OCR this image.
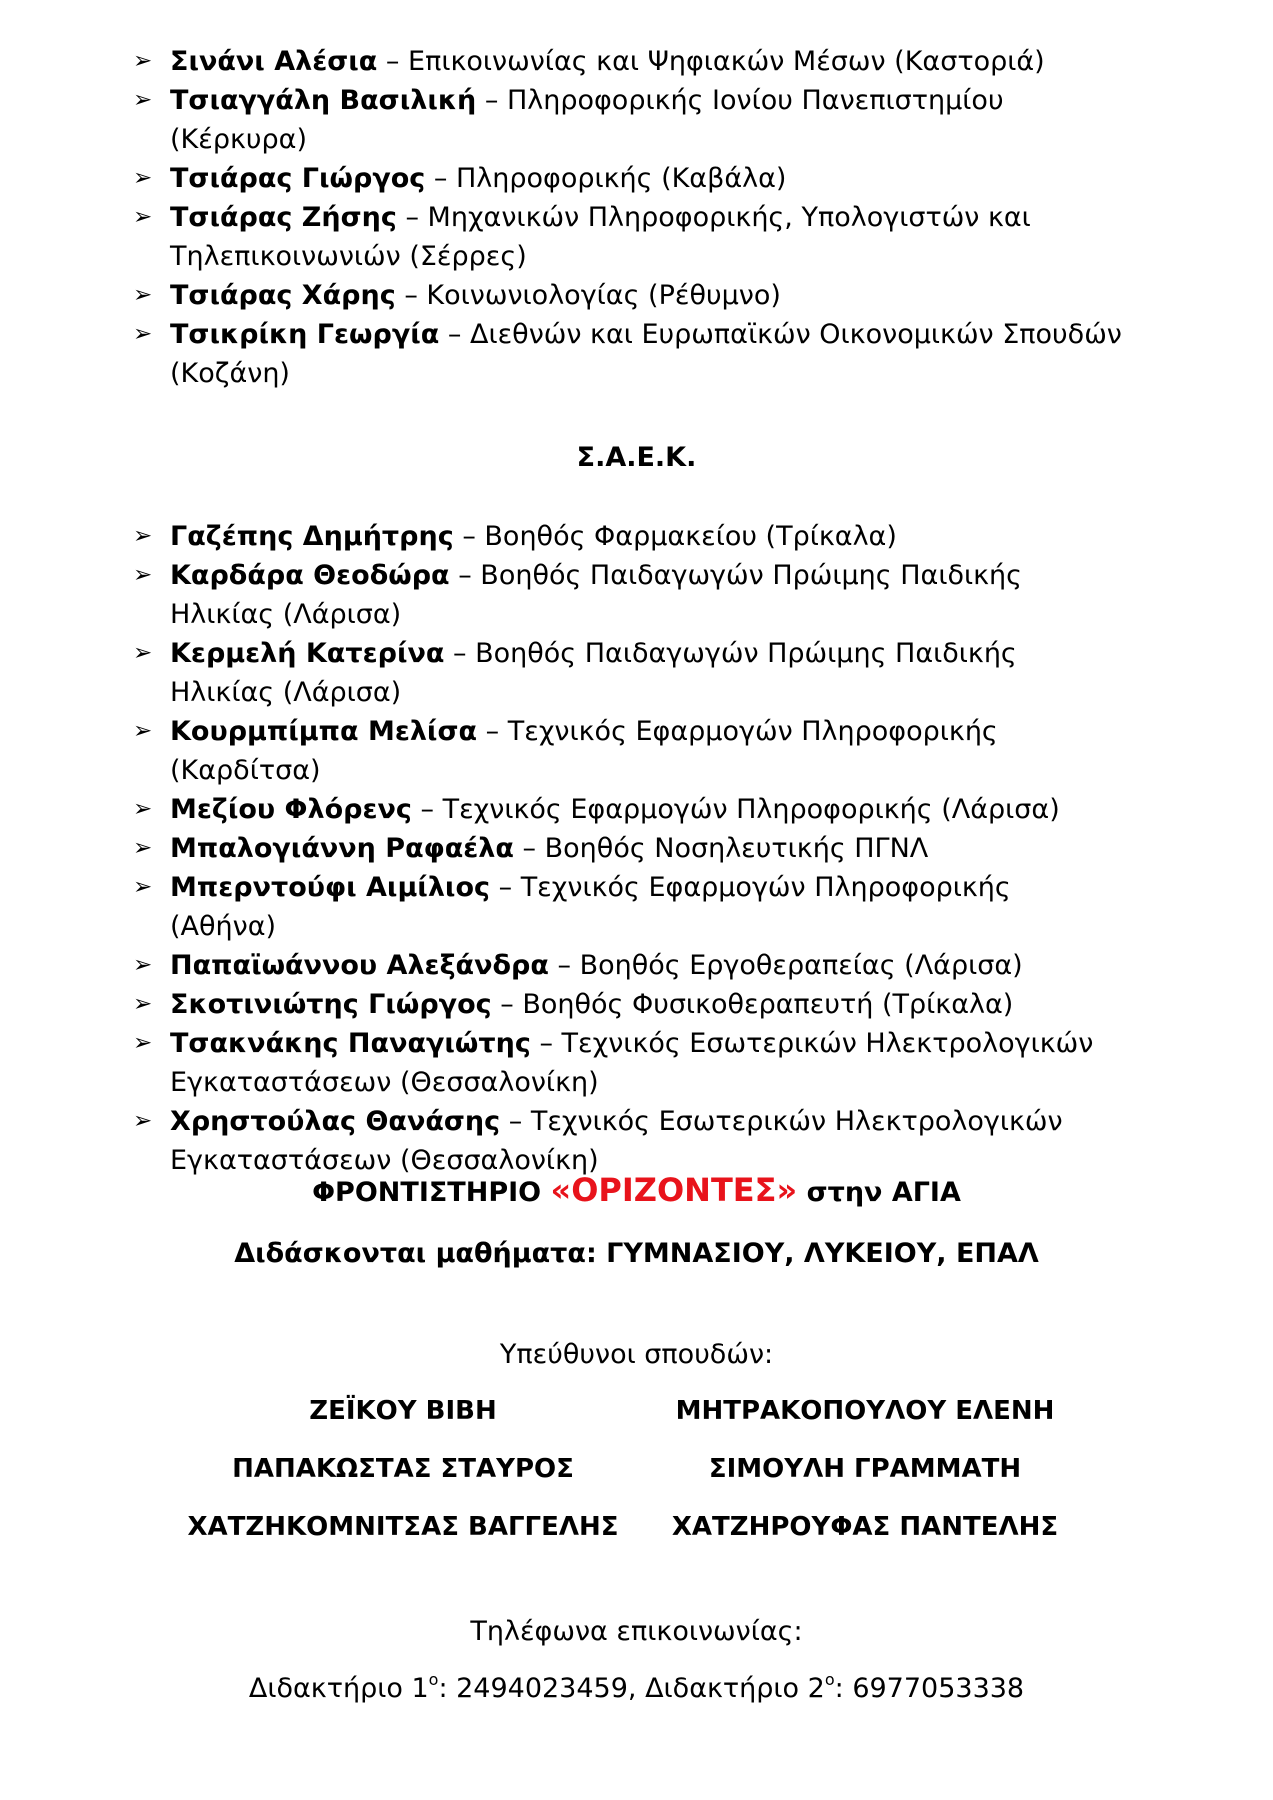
➢ Σινάνι Αλέσια – Επικοινωνίας και Ψηφιακών Μέσων (Καστοριά)
➢ Τσιαγγάλη Βασιλική – Πληροφορικής Ιονίου Πανεπιστημίου (Κέρκυρα)
➢ Τσιάρας Γιώργος – Πληροφορικής (Καβάλα)
➢ Τσιάρας Ζήσης – Μηχανικών Πληροφορικής, Υπολογιστών και Τηλεπικοινωνιών (Σέρρες)
➢ Τσιάρας Χάρης – Κοινωνιολογίας (Ρέθυμνο)
➢ Τσικρίκη Γεωργία – Διεθνών και Ευρωπαϊκών Οικονομικών Σπουδών (Κοζάνη)
Σ.Α.Ε.Κ.
➢ Γαζέπης Δημήτρης – Βοηθός Φαρμακείου (Τρίκαλα)
➢ Καρδάρα Θεοδώρα – Βοηθός Παιδαγωγών Πρώιμης Παιδικής Ηλικίας (Λάρισα)
➢ Κερμελή Κατερίνα – Βοηθός Παιδαγωγών Πρώιμης Παιδικής Ηλικίας (Λάρισα)
➢ Κουρμπίμπα Μελίσα – Τεχνικός Εφαρμογών Πληροφορικής (Καρδίτσα)
➢ Μεζίου Φλόρενς – Τεχνικός Εφαρμογών Πληροφορικής (Λάρισα)
➢ Μπαλογιάννη Ραφαέλα – Βοηθός Νοσηλευτικής ΠΓΝΛ
➢ Μπερντούφι Αιμίλιος – Τεχνικός Εφαρμογών Πληροφορικής (Αθήνα)
➢ Παπαϊωάννου Αλεξάνδρα – Βοηθός Εργοθεραπείας (Λάρισα)
➢ Σκοτινιώτης Γιώργος – Βοηθός Φυσικοθεραπευτή (Τρίκαλα)
➢ Τσακνάκης Παναγιώτης – Τεχνικός Εσωτερικών Ηλεκτρολογικών Εγκαταστάσεων (Θεσσαλονίκη)
➢ Χρηστούλας Θανάσης – Τεχνικός Εσωτερικών Ηλεκτρολογικών Εγκαταστάσεων (Θεσσαλονίκη)
ΦΡΟΝΤΙΣΤΗΡΙΟ «ΟΡΙΖΟΝΤΕΣ» στην ΑΓΙΑ
Διδάσκονται μαθήματα: ΓΥΜΝΑΣΙΟΥ, ΛΥΚΕΙΟΥ, ΕΠΑΛ
Υπεύθυνοι σπουδών:
ΖΕΪΚΟΥ ΒΙΒΗ
ΠΑΠΑΚΩΣΤΑΣ ΣΤΑΥΡΟΣ
ΧΑΤΖΗΚΟΜΝΙΤΣΑΣ ΒΑΓΓΕΛΗΣ
ΜΗΤΡΑΚΟΠΟΥΛΟΥ ΕΛΕΝΗ
ΣΙΜΟΥΛΗ ΓΡΑΜΜΑΤΗ
ΧΑΤΖΗΡΟΥΦΑΣ ΠΑΝΤΕΛΗΣ
Τηλέφωνα επικοινωνίας:
Διδακτήριο $1^o$: 2494023459, Διδακτήριο $2^o$: 6977053338
